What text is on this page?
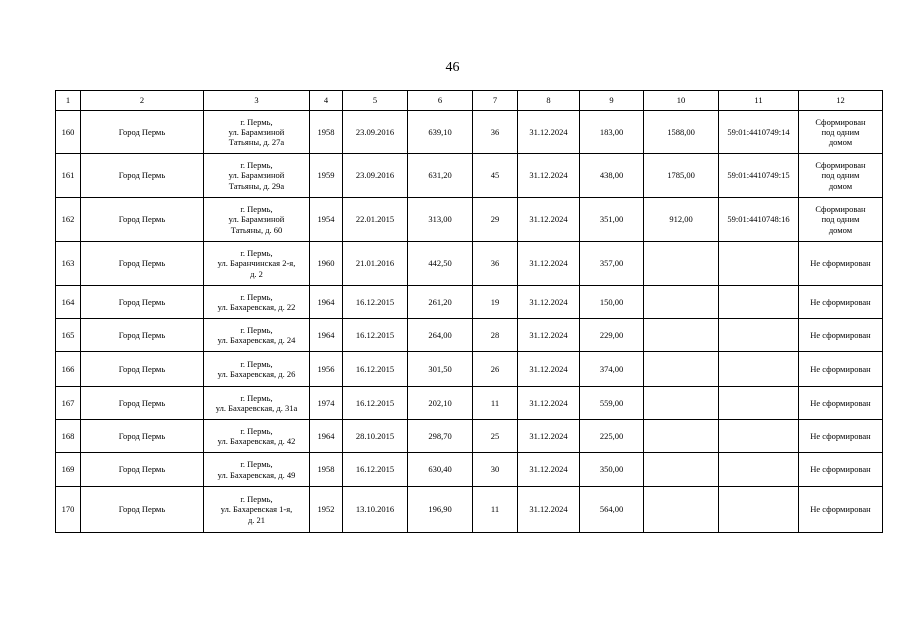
46
1	2	3	4	5	6	7	8	9	10	11	12
160	Город Пермь	г. Пермь,
ул. Барамзиной
Татьяны, д. 27а	1958	23.09.2016	639,10	36	31.12.2024	183,00	1588,00	59:01:4410749:14	Сформирован
под одним
домом

161	Город Пермь	г. Пермь,
ул. Барамзиной
Татьяны, д. 29а	1959	23.09.2016	631,20	45	31.12.2024	438,00	1785,00	59:01:4410749:15	Сформирован
под одним
домом

162	Город Пермь	г. Пермь,
ул. Барамзиной
Татьяны, д. 60	1954	22.01.2015	313,00	29	31.12.2024	351,00	912,00	59:01:4410748:16	Сформирован
под одним
домом

163	Город Пермь	г. Пермь,
ул. Баранчинская 2-я,
д. 2	1960	21.01.2016	442,50	36	31.12.2024	357,00			Не сформирован

164	Город Пермь	г. Пермь,
ул. Бахаревская, д. 22	1964	16.12.2015	261,20	19	31.12.2024	150,00			Не сформирован

165	Город Пермь	г. Пермь,
ул. Бахаревская, д. 24	1964	16.12.2015	264,00	28	31.12.2024	229,00			Не сформирован

166	Город Пермь	г. Пермь,
ул. Бахаревская, д. 26	1956	16.12.2015	301,50	26	31.12.2024	374,00			Не сформирован

167	Город Пермь	г. Пермь,
ул. Бахаревская, д. 31а	1974	16.12.2015	202,10	11	31.12.2024	559,00			Не сформирован

168	Город Пермь	г. Пермь,
ул. Бахаревская, д. 42	1964	28.10.2015	298,70	25	31.12.2024	225,00			Не сформирован

169	Город Пермь	г. Пермь,
ул. Бахаревская, д. 49	1958	16.12.2015	630,40	30	31.12.2024	350,00			Не сформирован

170	Город Пермь	г. Пермь,
ул. Бахаревская 1-я,
д. 21	1952	13.10.2016	196,90	11	31.12.2024	564,00			Не сформирован
